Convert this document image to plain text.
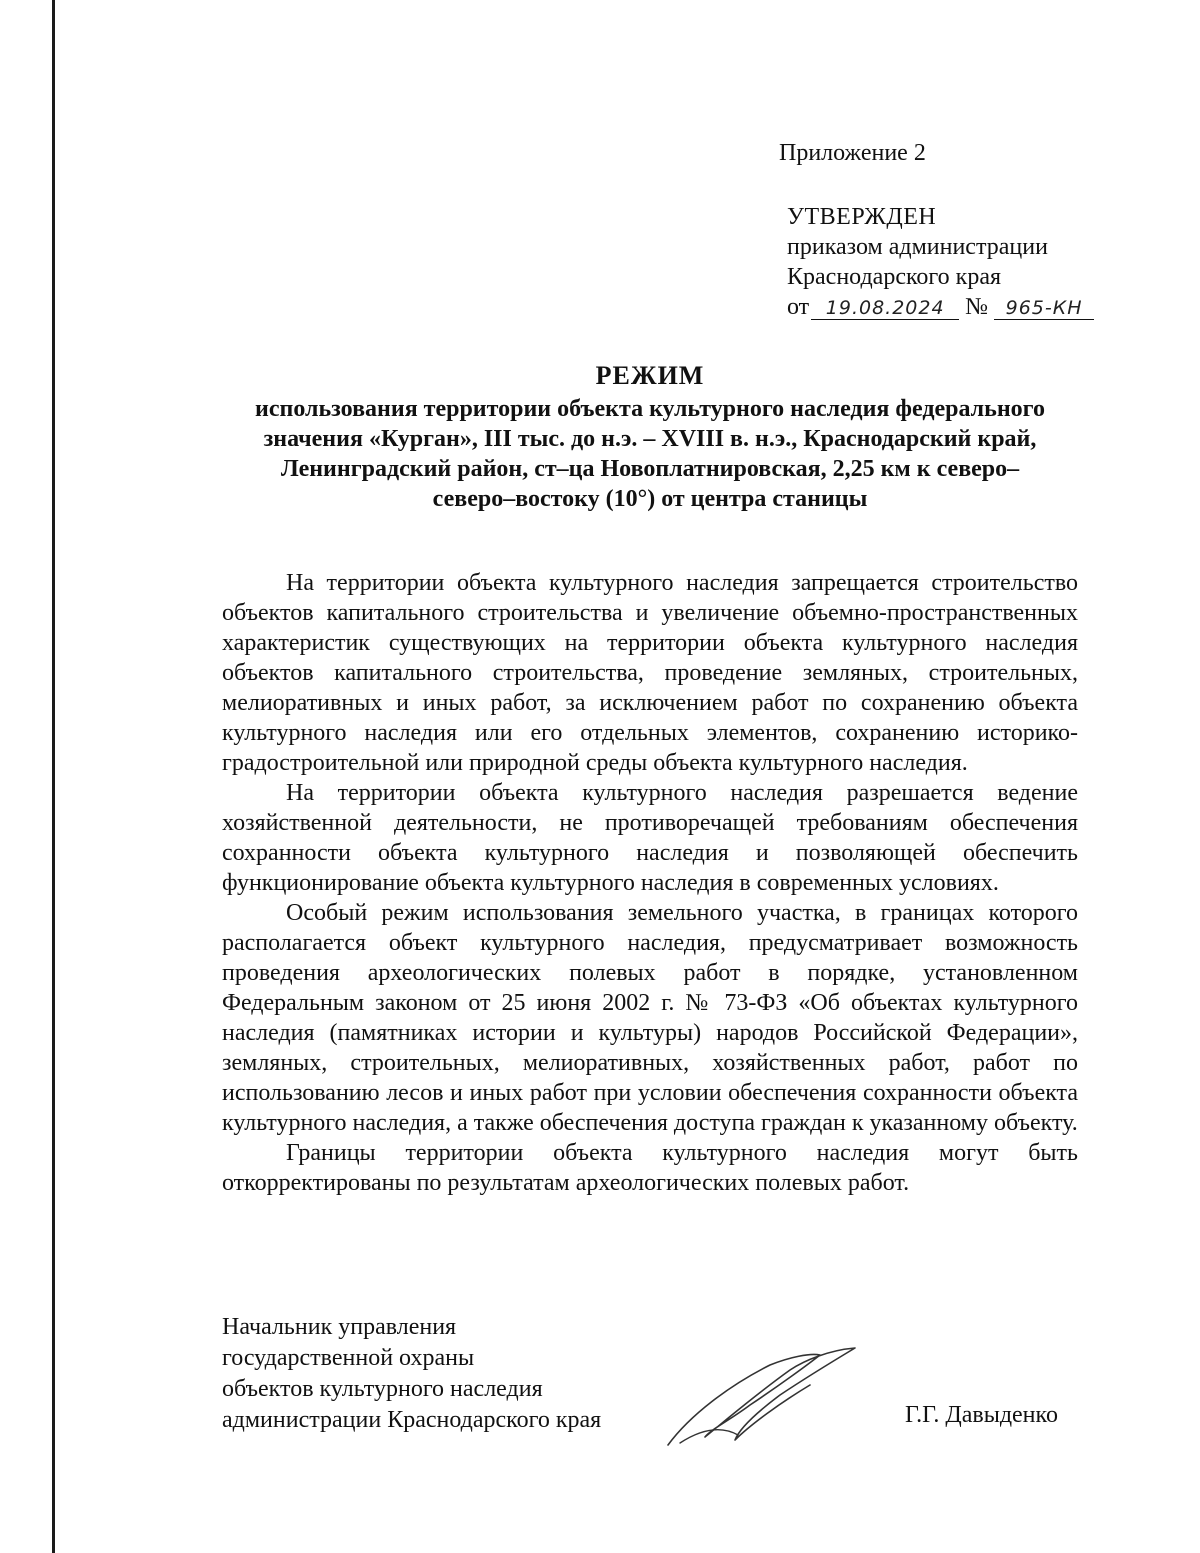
Приложение 2
УТВЕРЖДЕН
приказом администрации
Краснодарского края
от 19.08.2024 № 965-КН
РЕЖИМ
использования территории объекта культурного наследия федерального
значения «Курган», III тыс. до н.э. – XVIII в. н.э., Краснодарский край,
Ленинградский район, ст–ца Новоплатнировская, 2,25 км к северо–
северо–востоку (10°) от центра станицы

На территории объекта культурного наследия запрещается строительство объектов капитального строительства и увеличение объемно-пространственных характеристик существующих на территории объекта культурного наследия объектов капитального строительства, проведение земляных, строительных, мелиоративных и иных работ, за исключением работ по сохранению объекта культурного наследия или его отдельных элементов, сохранению историко-градостроительной или природной среды объекта культурного наследия.

На территории объекта культурного наследия разрешается ведение хозяйственной деятельности, не противоречащей требованиям обеспечения сохранности объекта культурного наследия и позволяющей обеспечить функционирование объекта культурного наследия в современных условиях.

Особый режим использования земельного участка, в границах которого располагается объект культурного наследия, предусматривает возможность проведения археологических полевых работ в порядке, установленном Федеральным законом от 25 июня 2002 г. № 73-ФЗ «Об объектах культурного наследия (памятниках истории и культуры) народов Российской Федерации», земляных, строительных, мелиоративных, хозяйственных работ, работ по использованию лесов и иных работ при условии обеспечения сохранности объекта культурного наследия, а также обеспечения доступа граждан к указанному объекту.

Границы территории объекта культурного наследия могут быть откорректированы по результатам археологических полевых работ.

Начальник управления
государственной охраны
объектов культурного наследия
администрации Краснодарского края	Г.Г. Давыденко
